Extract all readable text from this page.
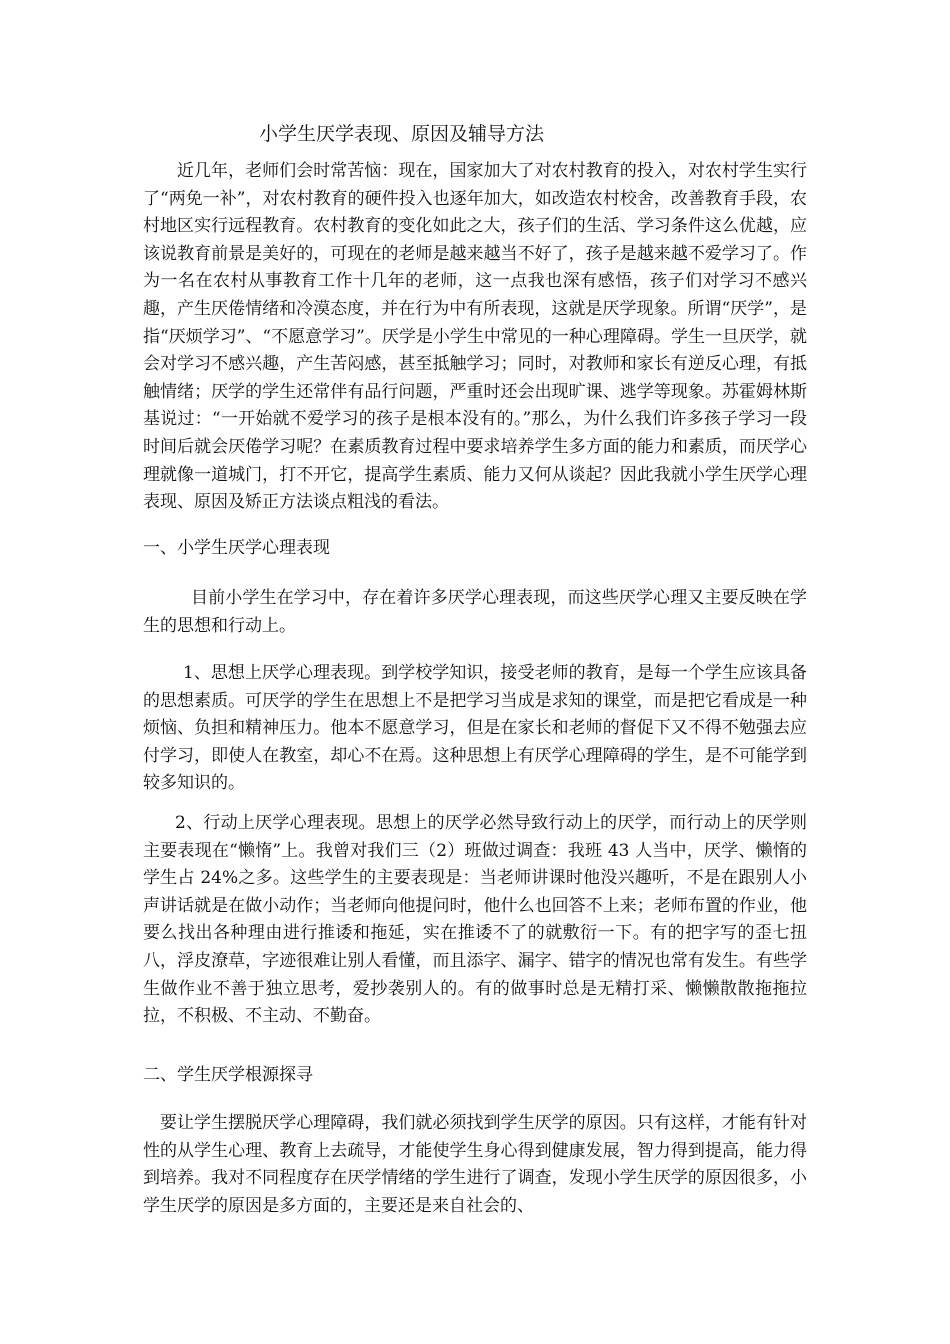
小学生厌学表现、原因及辅导方法

近几年，老师们会时常苦恼：现在，国家加大了对农村教育的投入，对农村学生实行了“两免一补”，对农村教育的硬件投入也逐年加大，如改造农村校舍，改善教育手段，农村地区实行远程教育。农村教育的变化如此之大，孩子们的生活、学习条件这么优越，应该说教育前景是美好的，可现在的老师是越来越当不好了，孩子是越来越不爱学习了。作为一名在农村从事教育工作十几年的老师，这一点我也深有感悟，孩子们对学习不感兴趣，产生厌倦情绪和冷漠态度，并在行为中有所表现，这就是厌学现象。所谓“厌学”，是指“厌烦学习”、“不愿意学习”。厌学是小学生中常见的一种心理障碍。学生一旦厌学，就会对学习不感兴趣，产生苦闷感，甚至抵触学习；同时，对教师和家长有逆反心理，有抵触情绪；厌学的学生还常伴有品行问题，严重时还会出现旷课、逃学等现象。苏霍姆林斯基说过：“一开始就不爱学习的孩子是根本没有的。”那么，为什么我们许多孩子学习一段时间后就会厌倦学习呢？在素质教育过程中要求培养学生多方面的能力和素质，而厌学心理就像一道城门，打不开它，提高学生素质、能力又何从谈起？因此我就小学生厌学心理表现、原因及矫正方法谈点粗浅的看法。

一、小学生厌学心理表现

目前小学生在学习中，存在着许多厌学心理表现，而这些厌学心理又主要反映在学生的思想和行动上。

1、思想上厌学心理表现。到学校学知识，接受老师的教育，是每一个学生应该具备的思想素质。可厌学的学生在思想上不是把学习当成是求知的课堂，而是把它看成是一种烦恼、负担和精神压力。他本不愿意学习，但是在家长和老师的督促下又不得不勉强去应付学习，即使人在教室，却心不在焉。这种思想上有厌学心理障碍的学生，是不可能学到较多知识的。

2、行动上厌学心理表现。思想上的厌学必然导致行动上的厌学，而行动上的厌学则主要表现在“懒惰”上。我曾对我们三（2）班做过调查：我班 43 人当中，厌学、懒惰的学生占 24%之多。这些学生的主要表现是：当老师讲课时他没兴趣听，不是在跟别人小声讲话就是在做小动作；当老师向他提问时，他什么也回答不上来；老师布置的作业，他要么找出各种理由进行推诿和拖延，实在推诿不了的就敷衍一下。有的把字写的歪七扭八，浮皮潦草，字迹很难让别人看懂，而且添字、漏字、错字的情况也常有发生。有些学生做作业不善于独立思考，爱抄袭别人的。有的做事时总是无精打采、懒懒散散拖拖拉拉，不积极、不主动、不勤奋。

二、学生厌学根源探寻

要让学生摆脱厌学心理障碍，我们就必须找到学生厌学的原因。只有这样，才能有针对性的从学生心理、教育上去疏导，才能使学生身心得到健康发展，智力得到提高，能力得到培养。我对不同程度存在厌学情绪的学生进行了调查，发现小学生厌学的原因很多，小学生厌学的原因是多方面的，主要还是来自社会的、
